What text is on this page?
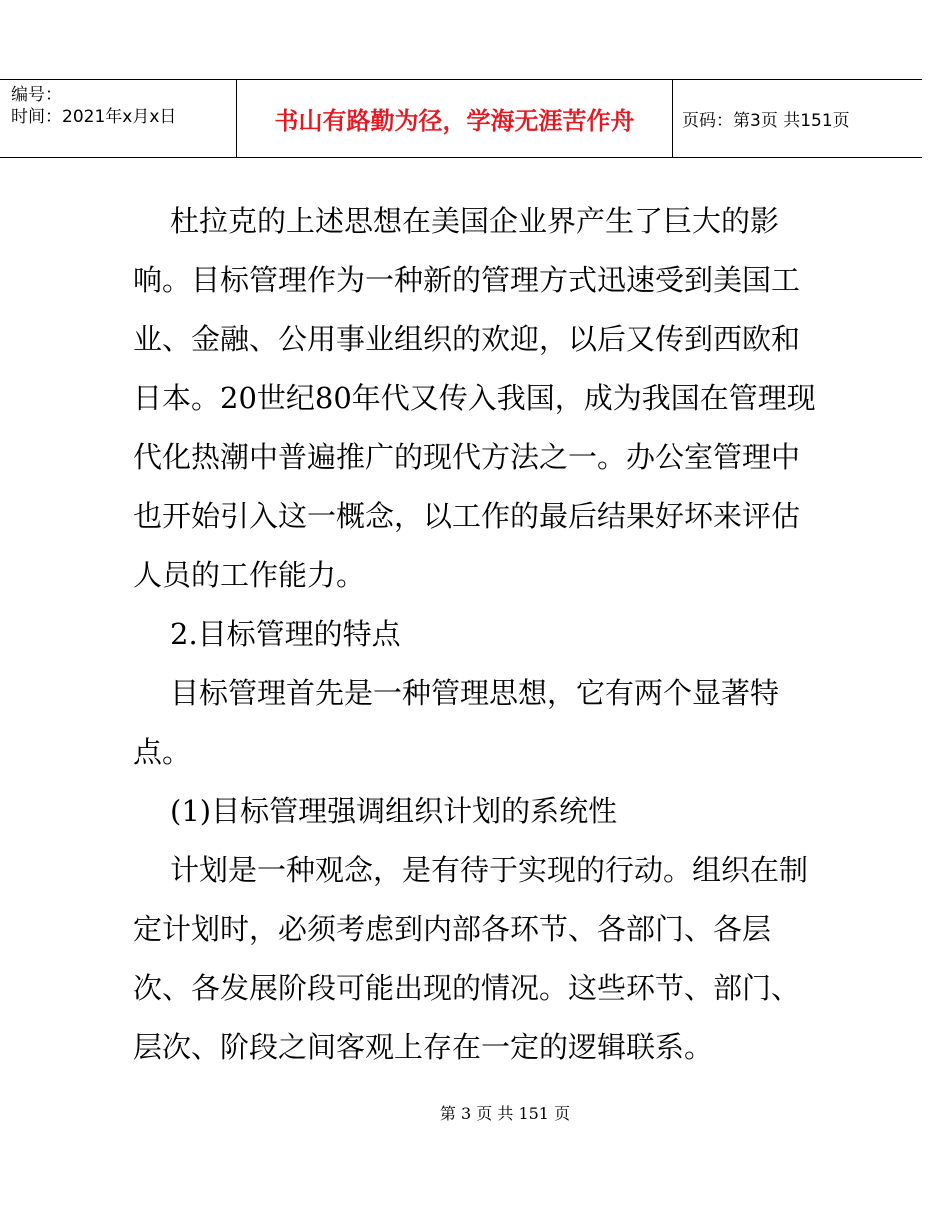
编号：
时间：2021年x月x日	书山有路勤为径，学海无涯苦作舟	页码：第3页 共151页

杜拉克的上述思想在美国企业界产生了巨大的影响。目标管理作为一种新的管理方式迅速受到美国工业、金融、公用事业组织的欢迎，以后又传到西欧和日本。20世纪80年代又传入我国，成为我国在管理现代化热潮中普遍推广的现代方法之一。办公室管理中也开始引入这一概念，以工作的最后结果好坏来评估人员的工作能力。

2.目标管理的特点

目标管理首先是一种管理思想，它有两个显著特点。

(1)目标管理强调组织计划的系统性

计划是一种观念，是有待于实现的行动。组织在制定计划时，必须考虑到内部各环节、各部门、各层次、各发展阶段可能出现的情况。这些环节、部门、层次、阶段之间客观上存在一定的逻辑联系。

第 3 页 共 151 页
